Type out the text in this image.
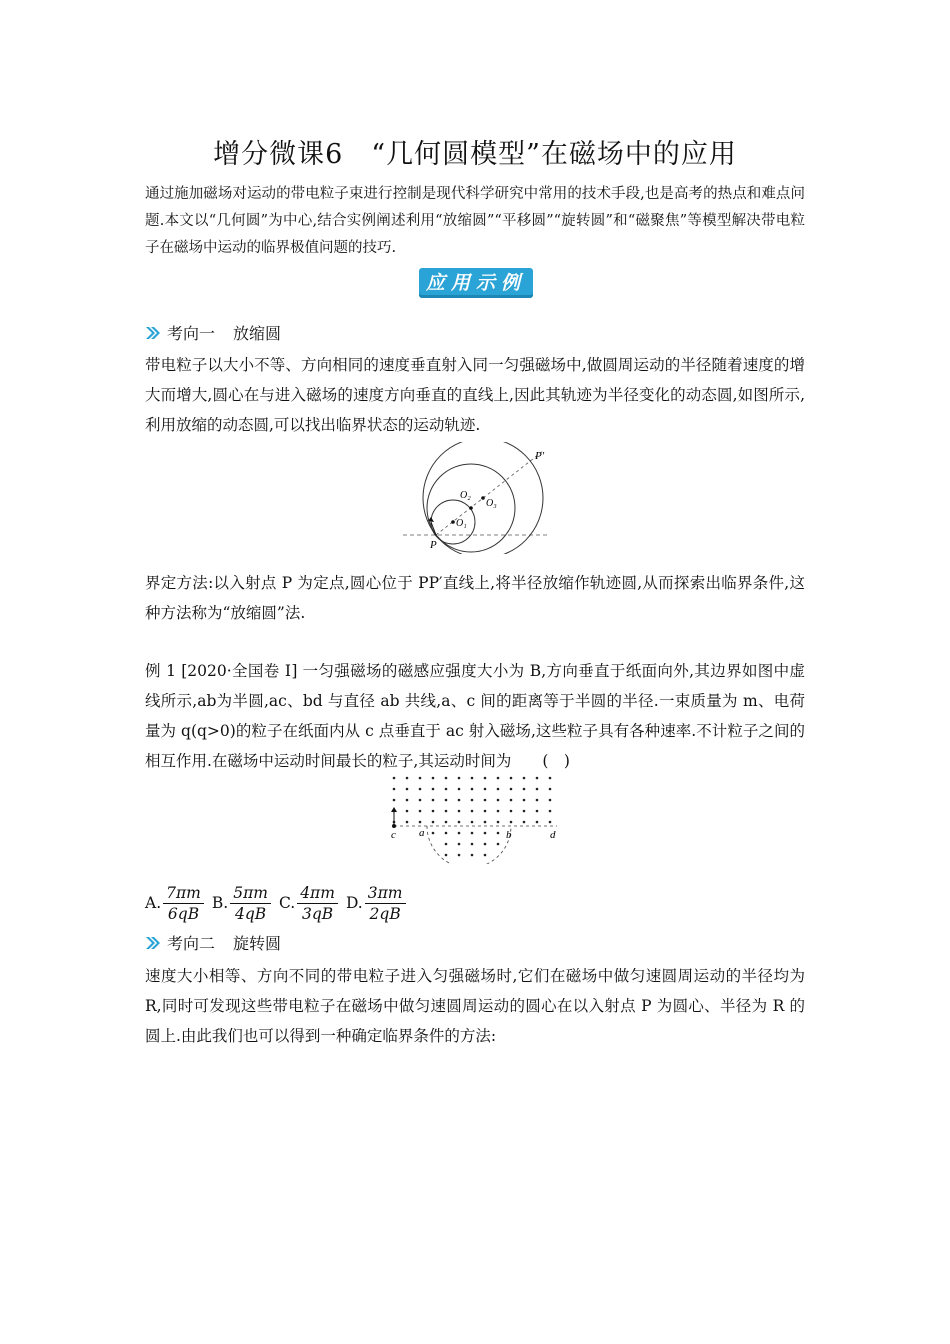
增分微课6　“几何圆模型”在磁场中的应用
通过施加磁场对运动的带电粒子束进行控制是现代科学研究中常用的技术手段,也是高考的热点和难点问题.本文以“几何圆”为中心,结合实例阐述利用“放缩圆”“平移圆”“旋转圆”和“磁聚焦”等模型解决带电粒子在磁场中运动的临界极值问题的技巧.
应用示例
考向一 放缩圆
带电粒子以大小不等、方向相同的速度垂直射入同一匀强磁场中,做圆周运动的半径随着速度的增大而增大,圆心在与进入磁场的速度方向垂直的直线上,因此其轨迹为半径变化的动态圆,如图所示,利用放缩的动态圆,可以找出临界状态的运动轨迹.
P′
O₁
O₂
O₃
P
界定方法:以入射点 P 为定点,圆心位于 PP′直线上,将半径放缩作轨迹圆,从而探索出临界条件,这种方法称为“放缩圆”法.
例 1 [2020·全国卷 Ⅰ] 一匀强磁场的磁感应强度大小为 B,方向垂直于纸面向外,其边界如图中虚线所示,ab为半圆,ac、bd 与直径 ab 共线,a、c 间的距离等于半圆的半径.一束质量为 m、电荷量为 q(q>0)的粒子在纸面内从 c 点垂直于 ac 射入磁场,这些粒子具有各种速率.不计粒子之间的相互作用.在磁场中运动时间最长的粒子,其运动时间为　　(　)
c a	b	d
A. $\frac{7\pi m}{6qB} B$. $\frac{5\pi m}{4qB} C$. $\frac{4\pi m}{3qB} D$. $\frac{3\pi m}{2qB}$
考向二 旋转圆
速度大小相等、方向不同的带电粒子进入匀强磁场时,它们在磁场中做匀速圆周运动的半径均为 R,同时可发现这些带电粒子在磁场中做匀速圆周运动的圆心在以入射点 P 为圆心、半径为 R 的圆上.由此我们也可以得到一种确定临界条件的方法:
